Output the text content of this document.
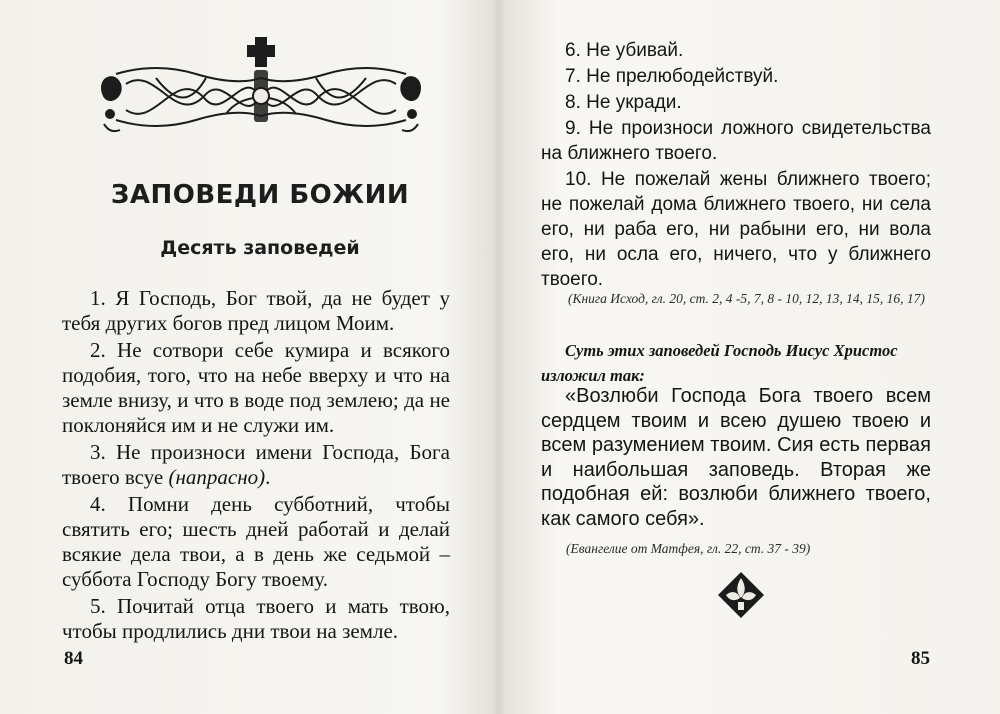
ЗАПОВЕДИ БОЖИИ
Десять заповедей

1. Я Господь, Бог твой, да не будет у тебя других богов пред лицом Моим.

2. Не сотвори себе кумира и всякого подобия, того, что на небе вверху и что на земле внизу, и что в воде под землею; да не поклоняйся им и не служи им.

3. Не произноси имени Господа, Бога твоего всуе (напрасно).

4. Помни день субботний, чтобы святить его; шесть дней работай и делай всякие дела твои, а в день же седьмой – суббота Господу Богу твоему.

5. Почитай отца твоего и мать твою, чтобы продлились дни твои на земле.

84

6. Не убивай.

7. Не прелюбодействуй.

8. Не укради.

9. Не произноси ложного свидетельства на ближнего твоего.

10. Не пожелай жены ближнего твоего; не пожелай дома ближнего твоего, ни села его, ни раба его, ни рабыни его, ни вола его, ни осла его, ничего, что у ближнего твоего.

(Книга Исход, гл. 20, ст. 2, 4 -5, 7, 8 - 10, 12, 13, 14, 15, 16, 17)
Суть этих заповедей Господь Иисус Христос изложил так:
«Возлюби Господа Бога твоего всем сердцем твоим и всею душею твоею и всем разумением твоим. Сия есть первая и наибольшая заповедь. Вторая же подобная ей: возлюби ближнего твоего, как самого себя».
(Евангелие от Матфея, гл. 22, ст. 37 - 39)
85
